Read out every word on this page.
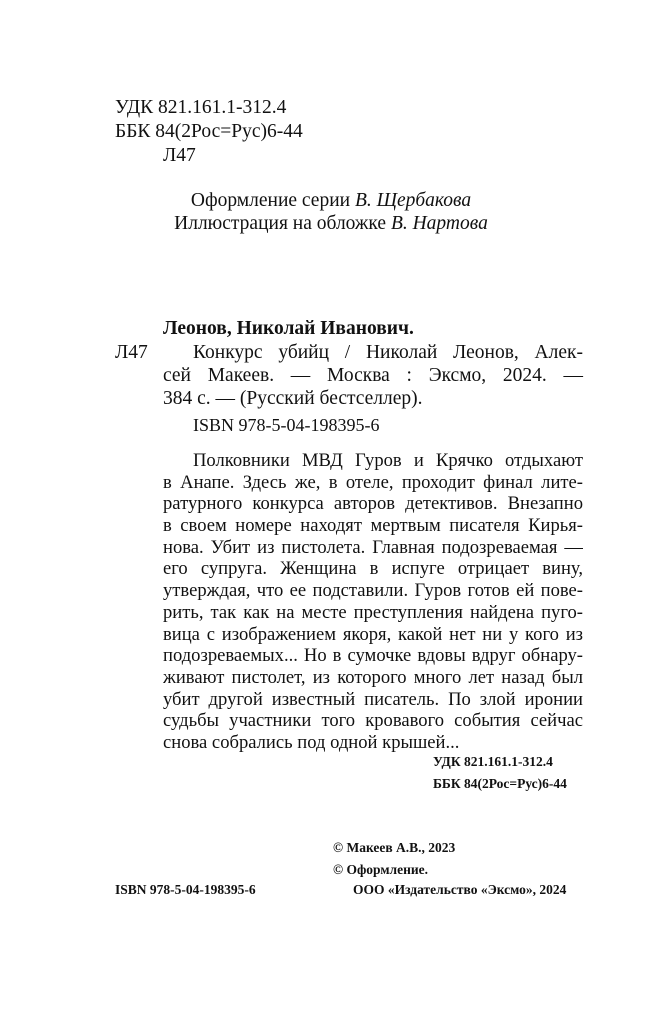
УДК 821.161.1-312.4
ББК 84(2Рос=Рус)6-44
Л47
Оформление серии В. Щербакова
Иллюстрация на обложке В. Нартова
Леонов, Николай Иванович.
Л47	Конкурс убийц / Николай Леонов, Алек-
сей Макеев. — Москва : Эксмо, 2024. —
384 с. — (Русский бестселлер).
ISBN 978-5-04-198395-6
Полковники МВД Гуров и Крячко отдыхают
в Анапе. Здесь же, в отеле, проходит финал лите-
ратурного конкурса авторов детективов. Внезапно
в своем номере находят мертвым писателя Кирья-
нова. Убит из пистолета. Главная подозреваемая —
его супруга. Женщина в испуге отрицает вину,
утверждая, что ее подставили. Гуров готов ей пове-
рить, так как на месте преступления найдена пуго-
вица с изображением якоря, какой нет ни у кого из
подозреваемых... Но в сумочке вдовы вдруг обнару-
живают пистолет, из которого много лет назад был
убит другой известный писатель. По злой иронии
судьбы участники того кровавого события сейчас
снова собрались под одной крышей...
УДК 821.161.1-312.4
ББК 84(2Рос=Рус)6-44
© Макеев А.В., 2023
© Оформление.
ISBN 978-5-04-198395-6	ООО «Издательство «Эксмо», 2024
